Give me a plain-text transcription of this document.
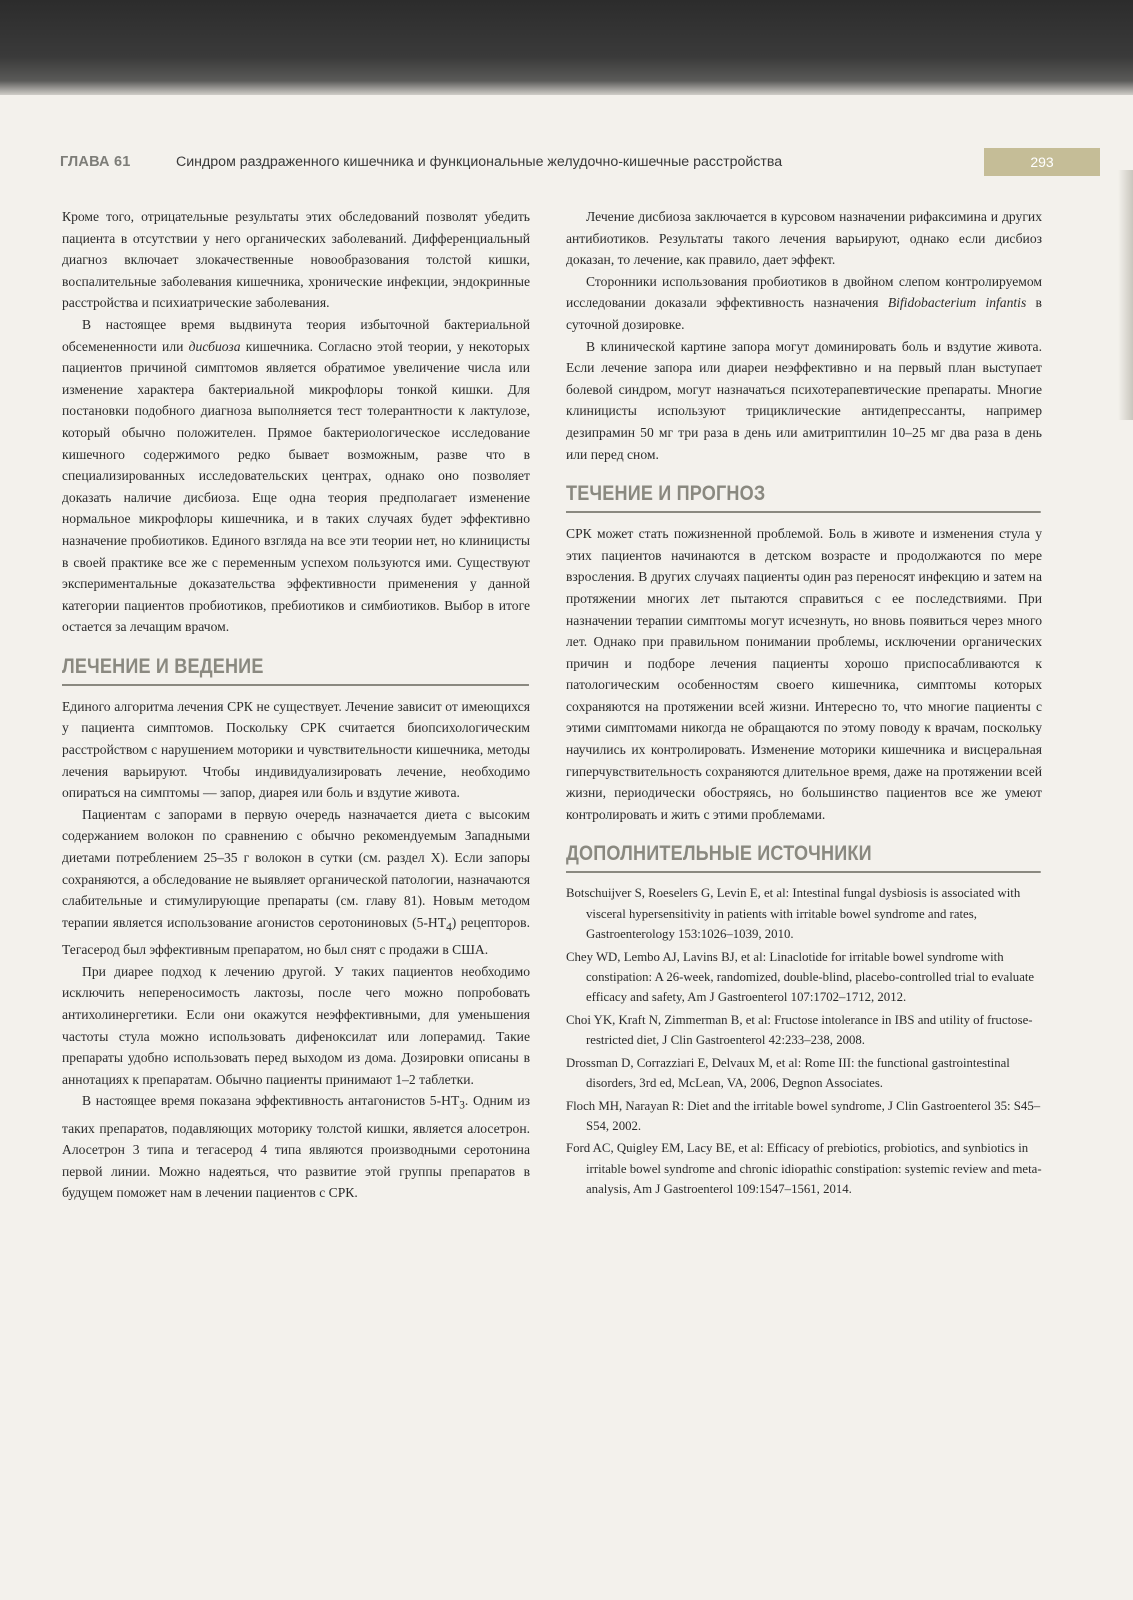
ГЛАВА 61	Синдром раздраженного кишечника и функциональные желудочно-кишечные расстройства	293

Кроме того, отрицательные результаты этих обследований позволят убедить пациента в отсутствии у него органических заболеваний. Дифференциальный диагноз включает злокачественные новообразования толстой кишки, воспалительные заболевания кишечника, хронические инфекции, эндокринные расстройства и психиатрические заболевания.

В настоящее время выдвинута теория избыточной бактериальной обсемененности или дисбиоза кишечника. Согласно этой теории, у некоторых пациентов причиной симптомов является обратимое увеличение числа или изменение характера бактериальной микрофлоры тонкой кишки. Для постановки подобного диагноза выполняется тест толерантности к лактулозе, который обычно положителен. Прямое бактериологическое исследование кишечного содержимого редко бывает возможным, разве что в специализированных исследовательских центрах, однако оно позволяет доказать наличие дисбиоза. Еще одна теория предполагает изменение нормальное микрофлоры кишечника, и в таких случаях будет эффективно назначение пробиотиков. Единого взгляда на все эти теории нет, но клиницисты в своей практике все же с переменным успехом пользуются ими. Существуют экспериментальные доказательства эффективности применения у данной категории пациентов пробиотиков, пребиотиков и симбиотиков. Выбор в итоге остается за лечащим врачом.

ЛЕЧЕНИЕ И ВЕДЕНИЕ

Единого алгоритма лечения СРК не существует. Лечение зависит от имеющихся у пациента симптомов. Поскольку СРК считается биопсихологическим расстройством с нарушением моторики и чувствительности кишечника, методы лечения варьируют. Чтобы индивидуализировать лечение, необходимо опираться на симптомы — запор, диарея или боль и вздутие живота.

Пациентам с запорами в первую очередь назначается диета с высоким содержанием волокон по сравнению с обычно рекомендуемым Западными диетами потреблением 25–35 г волокон в сутки (см. раздел X). Если запоры сохраняются, а обследование не выявляет органической патологии, назначаются слабительные и стимулирующие препараты (см. главу 81). Новым методом терапии является использование агонистов серотониновых $(5-HT_4)$ рецепторов. Тегасерод был эффективным препаратом, но был снят с продажи в США.

При диарее подход к лечению другой. У таких пациентов необходимо исключить непереносимость лактозы, после чего можно попробовать антихолинергетики. Если они окажутся неэффективными, для уменьшения частоты стула можно использовать дифеноксилат или лоперамид. Такие препараты удобно использовать перед выходом из дома. Дозировки описаны в аннотациях к препаратам. Обычно пациенты принимают 1–2 таблетки.

В настоящее время показана эффективность антагонистов $5-HT_3$. Одним из таких препаратов, подавляющих моторику толстой кишки, является алосетрон. Алосетрон 3 типа и тегасерод 4 типа являются производными серотонина первой линии. Можно надеяться, что развитие этой группы препаратов в будущем поможет нам в лечении пациентов с СРК.

Лечение дисбиоза заключается в курсовом назначении рифаксимина и других антибиотиков. Результаты такого лечения варьируют, однако если дисбиоз доказан, то лечение, как правило, дает эффект.

Сторонники использования пробиотиков в двойном слепом контролируемом исследовании доказали эффективность назначения Bifidobacterium infantis в суточной дозировке.

В клинической картине запора могут доминировать боль и вздутие живота. Если лечение запора или диареи неэффективно и на первый план выступает болевой синдром, могут назначаться психотерапевтические препараты. Многие клиницисты используют трициклические антидепрессанты, например дезипрамин 50 мг три раза в день или амитриптилин 10–25 мг два раза в день или перед сном.

ТЕЧЕНИЕ И ПРОГНОЗ

СРК может стать пожизненной проблемой. Боль в животе и изменения стула у этих пациентов начинаются в детском возрасте и продолжаются по мере взросления. В других случаях пациенты один раз переносят инфекцию и затем на протяжении многих лет пытаются справиться с ее последствиями. При назначении терапии симптомы могут исчезнуть, но вновь появиться через много лет. Однако при правильном понимании проблемы, исключении органических причин и подборе лечения пациенты хорошо приспосабливаются к патологическим особенностям своего кишечника, симптомы которых сохраняются на протяжении всей жизни. Интересно то, что многие пациенты с этими симптомами никогда не обращаются по этому поводу к врачам, поскольку научились их контролировать. Изменение моторики кишечника и висцеральная гиперчувствительность сохраняются длительное время, даже на протяжении всей жизни, периодически обостряясь, но большинство пациентов все же умеют контролировать и жить с этими проблемами.

ДОПОЛНИТЕЛЬНЫЕ ИСТОЧНИКИ

Botschuijver S, Roeselers G, Levin E, et al: Intestinal fungal dysbiosis is associated with visceral hypersensitivity in patients with irritable bowel syndrome and rates, Gastroenterology 153:1026–1039, 2010.

Chey WD, Lembo AJ, Lavins BJ, et al: Linaclotide for irritable bowel syndrome with constipation: A 26-week, randomized, double-blind, placebo-controlled trial to evaluate efficacy and safety, Am J Gastroenterol 107:1702–1712, 2012.

Choi YK, Kraft N, Zimmerman B, et al: Fructose intolerance in IBS and utility of fructose-restricted diet, J Clin Gastroenterol 42:233–238, 2008.

Drossman D, Corrazziari E, Delvaux M, et al: Rome III: the functional gastrointestinal disorders, 3rd ed, McLean, VA, 2006, Degnon Associates.

Floch MH, Narayan R: Diet and the irritable bowel syndrome, J Clin Gastroenterol 35: S45–S54, 2002.

Ford AC, Quigley EM, Lacy BE, et al: Efficacy of prebiotics, probiotics, and synbiotics in irritable bowel syndrome and chronic idiopathic constipation: systemic review and meta-analysis, Am J Gastroenterol 109:1547–1561, 2014.
